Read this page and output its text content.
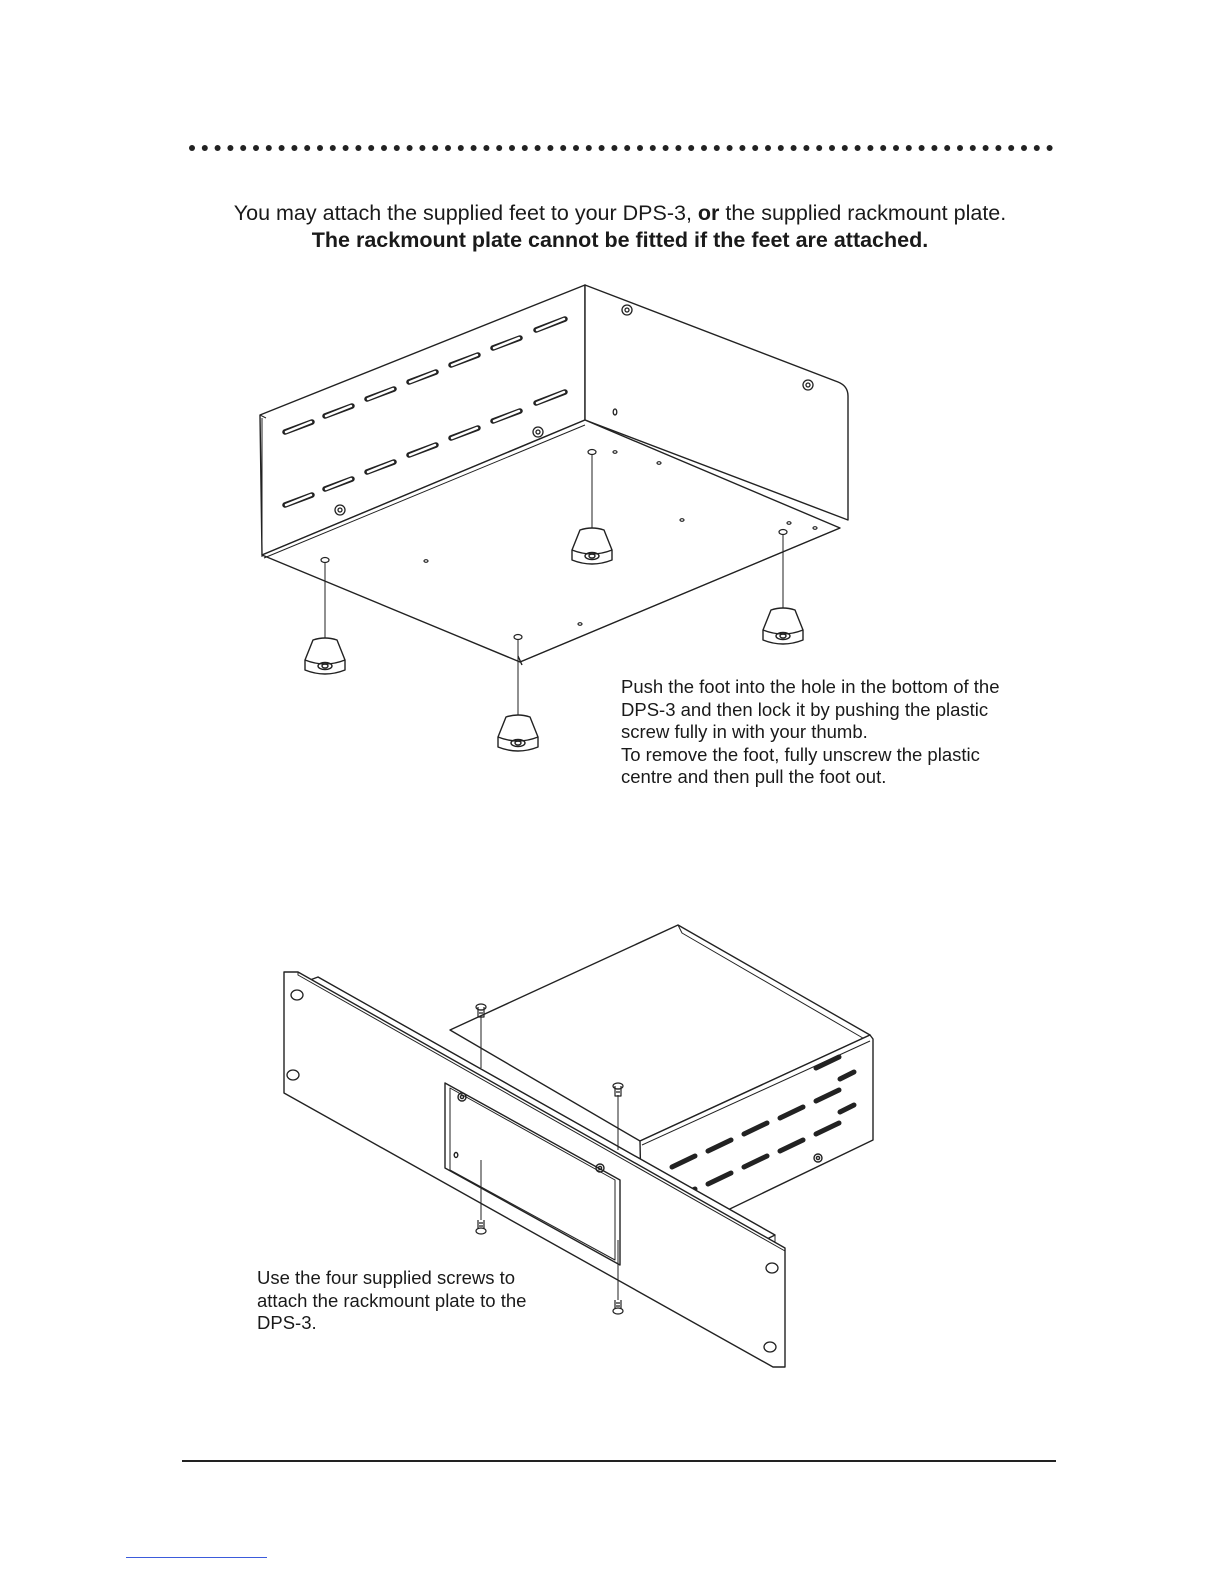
You may attach the supplied feet to your DPS-3, or the supplied rackmount plate.
The rackmount plate cannot be fitted if the feet are attached.

Push the foot into the hole in the bottom of the

DPS-3 and then lock it by pushing the plastic

screw fully in with your thumb.

To remove the foot, fully unscrew the plastic

centre and then pull the foot out.

Use the four supplied screws to

attach the rackmount plate to the

DPS-3.
